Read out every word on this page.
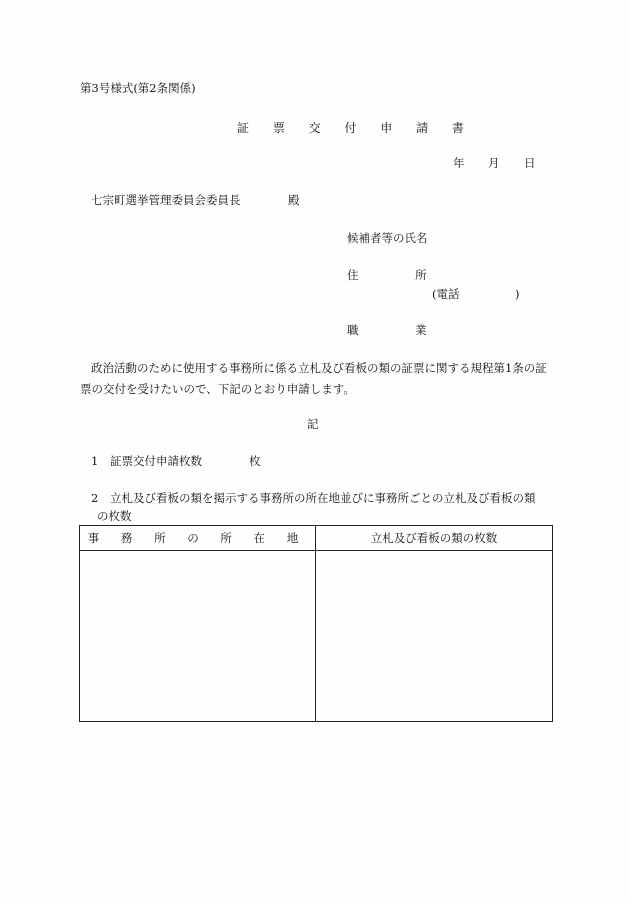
第3号様式(第2条関係)
証 票 交 付 申 請 書
年 月 日
七宗町選挙管理委員会委員長	殿
候補者等の氏名
住 所
(電話	)
職 業
政治活動のために使用する事務所に係る立札及び看板の類の証票に関する規程第1条の証票の交付を受けたいので、下記のとおり申請します。
記
1 証票交付申請枚数	枚
2 立札及び看板の類を掲示する事務所の所在地並びに事務所ごとの立札及び看板の類
の枚数
事 務 所 の 所 在 地	立札及び看板の類の枚数
